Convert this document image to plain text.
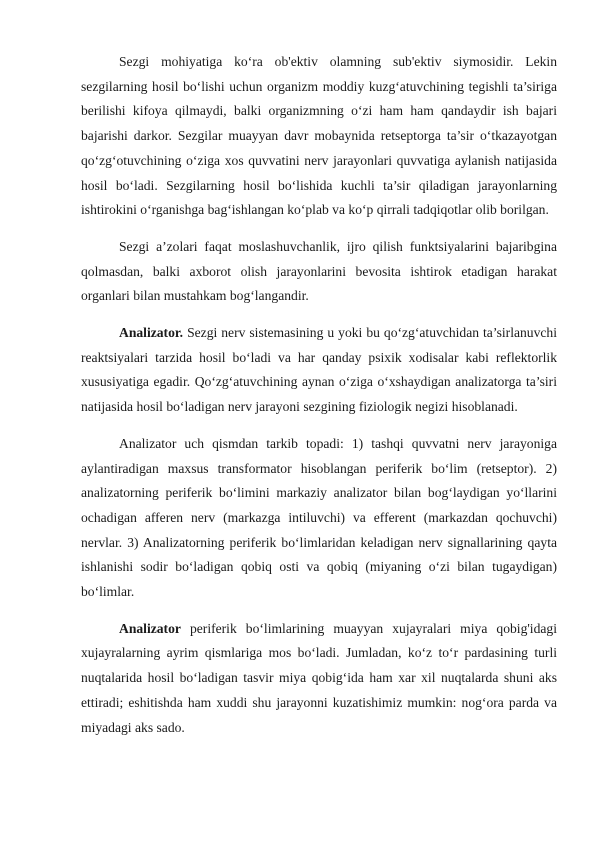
Sezgi mohiyatiga ko‘ra ob'ektiv olamning sub'ektiv siymosidir. Lekin sezgilarning hosil bo‘lishi uchun organizm moddiy kuzg‘atuvchining tegishli ta’siriga berilishi kifoya qilmaydi, balki organizmning o‘zi ham ham qandaydir ish bajari bajarishi darkor. Sezgilar muayyan davr mobaynida retseptorga ta’sir o‘tkazayotgan qo‘zg‘otuvchining o‘ziga xos quvvatini nerv jarayonlari quvvatiga aylanish natijasida hosil bo‘ladi. Sezgilarning hosil bo‘lishida kuchli ta’sir qiladigan jarayonlarning ishtirokini o‘rganishga bag‘ishlangan ko‘plab va ko‘p qirrali tadqiqotlar olib borilgan.

Sezgi a’zolari faqat moslashuvchanlik, ijro qilish funktsiyalarini bajaribgina qolmasdan, balki axborot olish jarayonlarini bevosita ishtirok etadigan harakat organlari bilan mustahkam bog‘langandir.

Analizator. Sezgi nerv sistemasining u yoki bu qo‘zg‘atuvchidan ta’sirlanuvchi reaktsiyalari tarzida hosil bo‘ladi va har qanday psixik xodisalar kabi reflektorlik xususiyatiga egadir. Qo‘zg‘atuvchining aynan o‘ziga o‘xshaydigan analizatorga ta’siri natijasida hosil bo‘ladigan nerv jarayoni sezgining fiziologik negizi hisoblanadi.

Analizator uch qismdan tarkib topadi: 1) tashqi quvvatni nerv jarayoniga aylantiradigan maxsus transformator hisoblangan periferik bo‘lim (retseptor). 2) analizatorning periferik bo‘limini markaziy analizator bilan bog‘laydigan yo‘llarini ochadigan afferen nerv (markazga intiluvchi) va efferent (markazdan qochuvchi) nervlar. 3) Analizatorning periferik bo‘limlaridan keladigan nerv signallarining qayta ishlanishi sodir bo‘ladigan qobiq osti va qobiq (miyaning o‘zi bilan tugaydigan) bo‘limlar.

Analizator periferik bo‘limlarining muayyan xujayralari miya qobig'idagi xujayralarning ayrim qismlariga mos bo‘ladi. Jumladan, ko‘z to‘r pardasining turli nuqtalarida hosil bo‘ladigan tasvir miya qobig‘ida ham xar xil nuqtalarda shuni aks ettiradi; eshitishda ham xuddi shu jarayonni kuzatishimiz mumkin: nog‘ora parda va miyadagi aks sado.
